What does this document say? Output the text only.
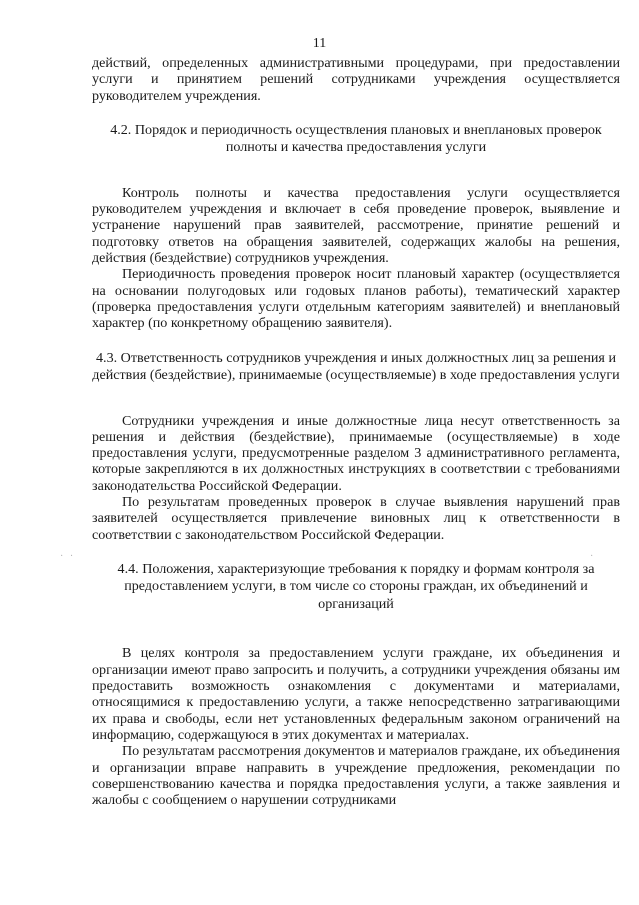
11
· ·	·

действий, определенных административными процедурами, при предоставлении услуги и принятием решений сотрудниками учреждения осуществляется руководителем учреждения.

4.2. Порядок и периодичность осуществления плановых и внеплановых проверок полноты и качества предоставления услуги

Контроль полноты и качества предоставления услуги осуществляется руководителем учреждения и включает в себя проведение проверок, выявление и устранение нарушений прав заявителей, рассмотрение, принятие решений и подготовку ответов на обращения заявителей, содержащих жалобы на решения, действия (бездействие) сотрудников учреждения.

Периодичность проведения проверок носит плановый характер (осуществляется на основании полугодовых или годовых планов работы), тематический характер (проверка предоставления услуги отдельным категориям заявителей) и внеплановый характер (по конкретному обращению заявителя).

4.3. Ответственность сотрудников учреждения и иных должностных лиц за решения и действия (бездействие), принимаемые (осуществляемые) в ходе предоставления услуги

Сотрудники учреждения и иные должностные лица несут ответственность за решения и действия (бездействие), принимаемые (осуществляемые) в ходе предоставления услуги, предусмотренные разделом 3 административного регламента, которые закрепляются в их должностных инструкциях в соответствии с требованиями законодательства Российской Федерации.

По результатам проведенных проверок в случае выявления нарушений прав заявителей осуществляется привлечение виновных лиц к ответственности в соответствии с законодательством Российской Федерации.

4.4. Положения, характеризующие требования к порядку и формам контроля за предоставлением услуги, в том числе со стороны граждан, их объединений и организаций

В целях контроля за предоставлением услуги граждане, их объединения и организации имеют право запросить и получить, а сотрудники учреждения обязаны им предоставить возможность ознакомления с документами и материалами, относящимися к предоставлению услуги, а также непосредственно затрагивающими их права и свободы, если нет установленных федеральным законом ограничений на информацию, содержащуюся в этих документах и материалах.

По результатам рассмотрения документов и материалов граждане, их объединения и организации вправе направить в учреждение предложения, рекомендации по совершенствованию качества и порядка предоставления услуги, а также заявления и жалобы с сообщением о нарушении сотрудниками
